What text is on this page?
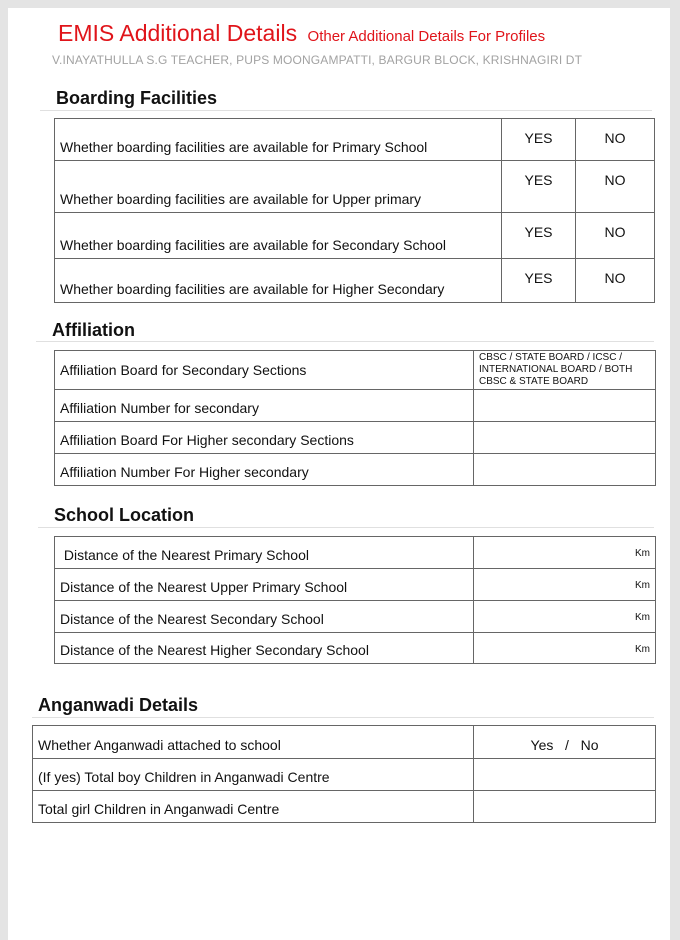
EMIS Additional Details Other Additional Details For Profiles
V.INAYATHULLA S.G TEACHER, PUPS MOONGAMPATTI, BARGUR BLOCK, KRISHNAGIRI DT
Boarding Facilities
Whether boarding facilities are available for Primary School	YES	NO
Whether boarding facilities are available for Upper primary	YES	NO
Whether boarding facilities are available for Secondary School	YES	NO
Whether boarding facilities are available for Higher Secondary	YES	NO
Affiliation
Affiliation Board for Secondary Sections	CBSC / STATE BOARD / ICSC / INTERNATIONAL BOARD / BOTH CBSC & STATE BOARD
Affiliation Number for secondary	
Affiliation Board For Higher secondary Sections	
Affiliation Number For Higher secondary	
School Location
Distance of the Nearest Primary School	Km
Distance of the Nearest Upper Primary School	Km
Distance of the Nearest Secondary School	Km
Distance of the Nearest Higher Secondary School	Km
Anganwadi Details
Whether Anganwadi attached to school	Yes   /   No
(If yes) Total boy Children in Anganwadi Centre	
Total girl Children in Anganwadi Centre	
